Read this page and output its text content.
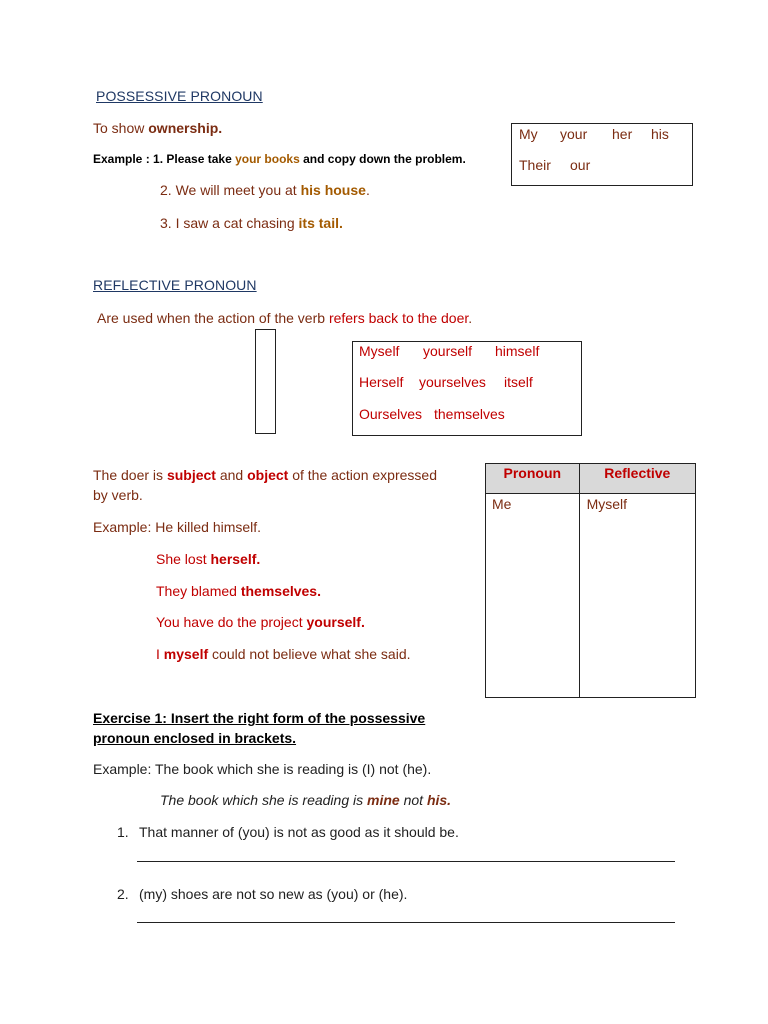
POSSESSIVE PRONOUN
To show ownership.
Example : 1. Please take your books and copy down the problem.
2. We will meet you at his house.
3. I saw a cat chasing its tail.
My your her his
Their our
REFLECTIVE PRONOUN
Are used when the action of the verb refers back to the doer.
Myself yourself himself
Herself yourselves itself
Ourselves themselves
The doer is subject and object of the action expressed
by verb.
Example: He killed himself.
She lost herself.
They blamed themselves.
You have do the project yourself.
I myself could not believe what she said.
Pronoun	Reflective
Me	Myself
Exercise 1: Insert the right form of the possessive
pronoun enclosed in brackets.
Example: The book which she is reading is (I) not (he).
The book which she is reading is mine not his.
1. That manner of (you) is not as good as it should be.
2. (my) shoes are not so new as (you) or (he).
